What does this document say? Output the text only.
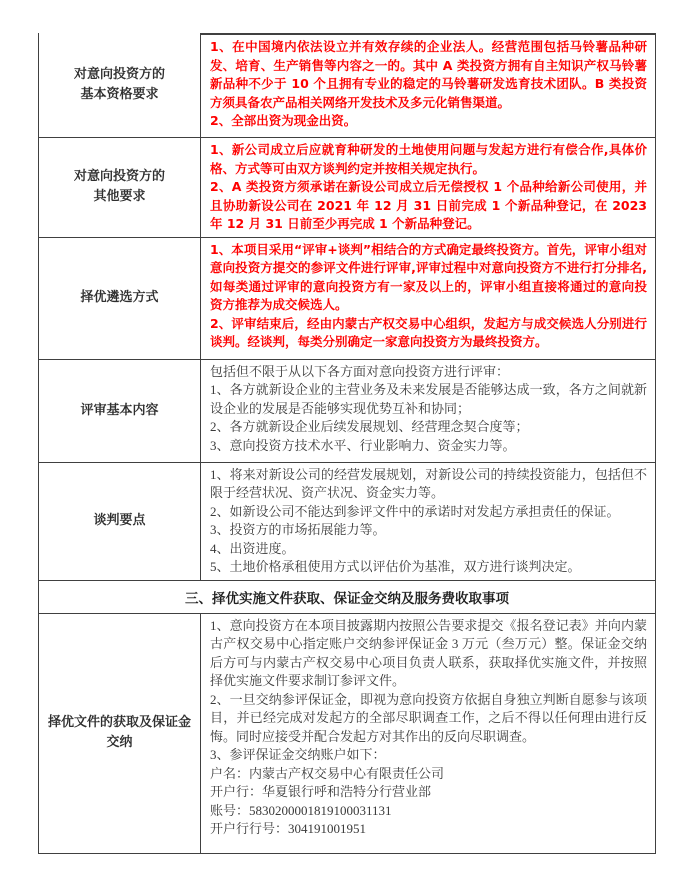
对意向投资方的

基本资格要求

1、在中国境内依法设立并有效存续的企业法人。经营范围包括马铃薯品种研发、培育、生产销售等内容之一的。其中 A 类投资方拥有自主知识产权马铃薯新品种不少于 10 个且拥有专业的稳定的马铃薯研发选育技术团队。B 类投资方须具备农产品相关网络开发技术及多元化销售渠道。

2、全部出资为现金出资。

对意向投资方的

其他要求

1、新公司成立后应就育种研发的土地使用问题与发起方进行有偿合作,具体价格、方式等可由双方谈判约定并按相关规定执行。

2、A 类投资方须承诺在新设公司成立后无偿授权 1 个品种给新公司使用，并且协助新设公司在 2021 年 12 月 31 日前完成 1 个新品种登记，在 2023 年 12 月 31 日前至少再完成 1 个新品种登记。

择优遴选方式

1、本项目采用“评审+谈判”相结合的方式确定最终投资方。首先，评审小组对意向投资方提交的参评文件进行评审,评审过程中对意向投资方不进行打分排名,如每类通过评审的意向投资方有一家及以上的，评审小组直接将通过的意向投资方推荐为成交候选人。

2、评审结束后，经由内蒙古产权交易中心组织，发起方与成交候选人分别进行谈判。经谈判，每类分别确定一家意向投资方为最终投资方。

评审基本内容

包括但不限于从以下各方面对意向投资方进行评审：

1、各方就新设企业的主营业务及未来发展是否能够达成一致，各方之间就新设企业的发展是否能够实现优势互补和协同；

2、各方就新设企业后续发展规划、经营理念契合度等；

3、意向投资方技术水平、行业影响力、资金实力等。

谈判要点

1、将来对新设公司的经营发展规划，对新设公司的持续投资能力，包括但不限于经营状况、资产状况、资金实力等。

2、如新设公司不能达到参评文件中的承诺时对发起方承担责任的保证。

3、投资方的市场拓展能力等。

4、出资进度。

5、土地价格承租使用方式以评估价为基准，双方进行谈判决定。

三、择优实施文件获取、保证金交纳及服务费收取事项

择优文件的获取及保证金

交纳

1、意向投资方在本项目披露期内按照公告要求提交《报名登记表》并向内蒙古产权交易中心指定账户交纳参评保证金 3 万元（叁万元）整。保证金交纳后方可与内蒙古产权交易中心项目负责人联系，获取择优实施文件，并按照择优实施文件要求制订参评文件。

2、一旦交纳参评保证金，即视为意向投资方依据自身独立判断自愿参与该项目，并已经完成对发起方的全部尽职调查工作，之后不得以任何理由进行反悔。同时应接受并配合发起方对其作出的反向尽职调查。

3、参评保证金交纳账户如下：

户名：内蒙古产权交易中心有限责任公司

开户行：华夏银行呼和浩特分行营业部

账号：5830200001819100031131

开户行行号：304191001951
